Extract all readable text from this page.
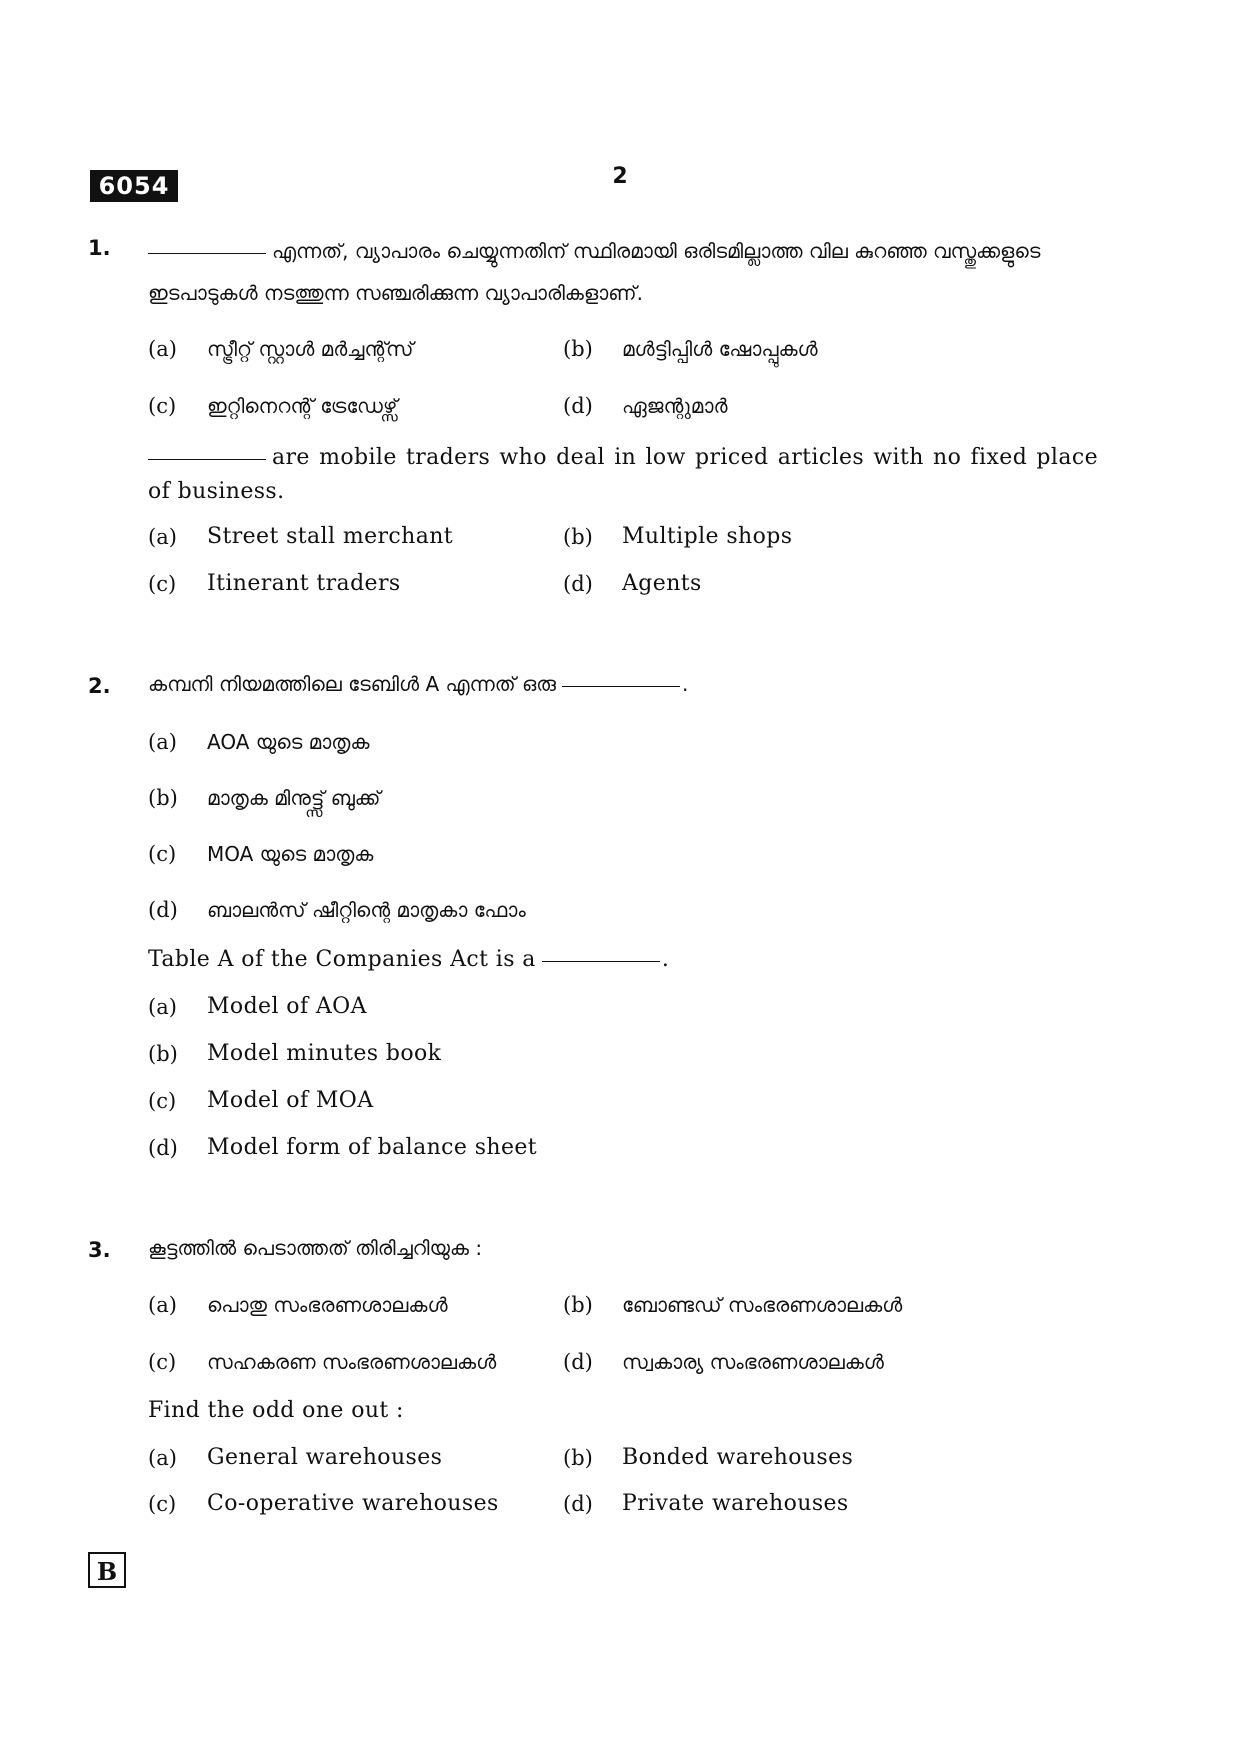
6054	2
1.	എന്നത്, വ്യാപാരം ചെയ്യുന്നതിന് സ്ഥിരമായി ഒരിടമില്ലാത്ത വില കുറഞ്ഞ വസ്തുക്കളുടെ ഇടപാടുകൾ നടത്തുന്ന സഞ്ചരിക്കുന്ന വ്യാപാരികളാണ്.
(a) സ്ട്രീറ്റ് സ്റ്റാൾ മർച്ചന്റ്സ്	(b) മൾട്ടിപ്പിൾ ഷോപ്പുകൾ
(c) ഇറ്റിനെറന്റ് ട്രേഡേഴ്സ്	(d) ഏജന്റുമാർ
are mobile traders who deal in low priced articles with no fixed place of business.
(a) Street stall merchant	(b) Multiple shops
(c) Itinerant traders	(d) Agents
2. കമ്പനി നിയമത്തിലെ ടേബിൾ A എന്നത് ഒരു	.
(a) AOA യുടെ മാതൃക
(b) മാതൃക മിനുട്ട്സ് ബുക്ക്
(c) MOA യുടെ മാതൃക
(d) ബാലൻസ് ഷീറ്റിന്റെ മാതൃകാ ഫോം
Table A of the Companies Act is a	.
(a) Model of AOA
(b) Model minutes book
(c) Model of MOA
(d) Model form of balance sheet
3. കൂട്ടത്തിൽ പെടാത്തത് തിരിച്ചറിയുക :
(a) പൊതു സംഭരണശാലകൾ	(b) ബോണ്ടഡ് സംഭരണശാലകൾ
(c) സഹകരണ സംഭരണശാലകൾ	(d) സ്വകാര്യ സംഭരണശാലകൾ
Find the odd one out :
(a) General warehouses	(b) Bonded warehouses
(c) Co-operative warehouses	(d) Private warehouses
B
